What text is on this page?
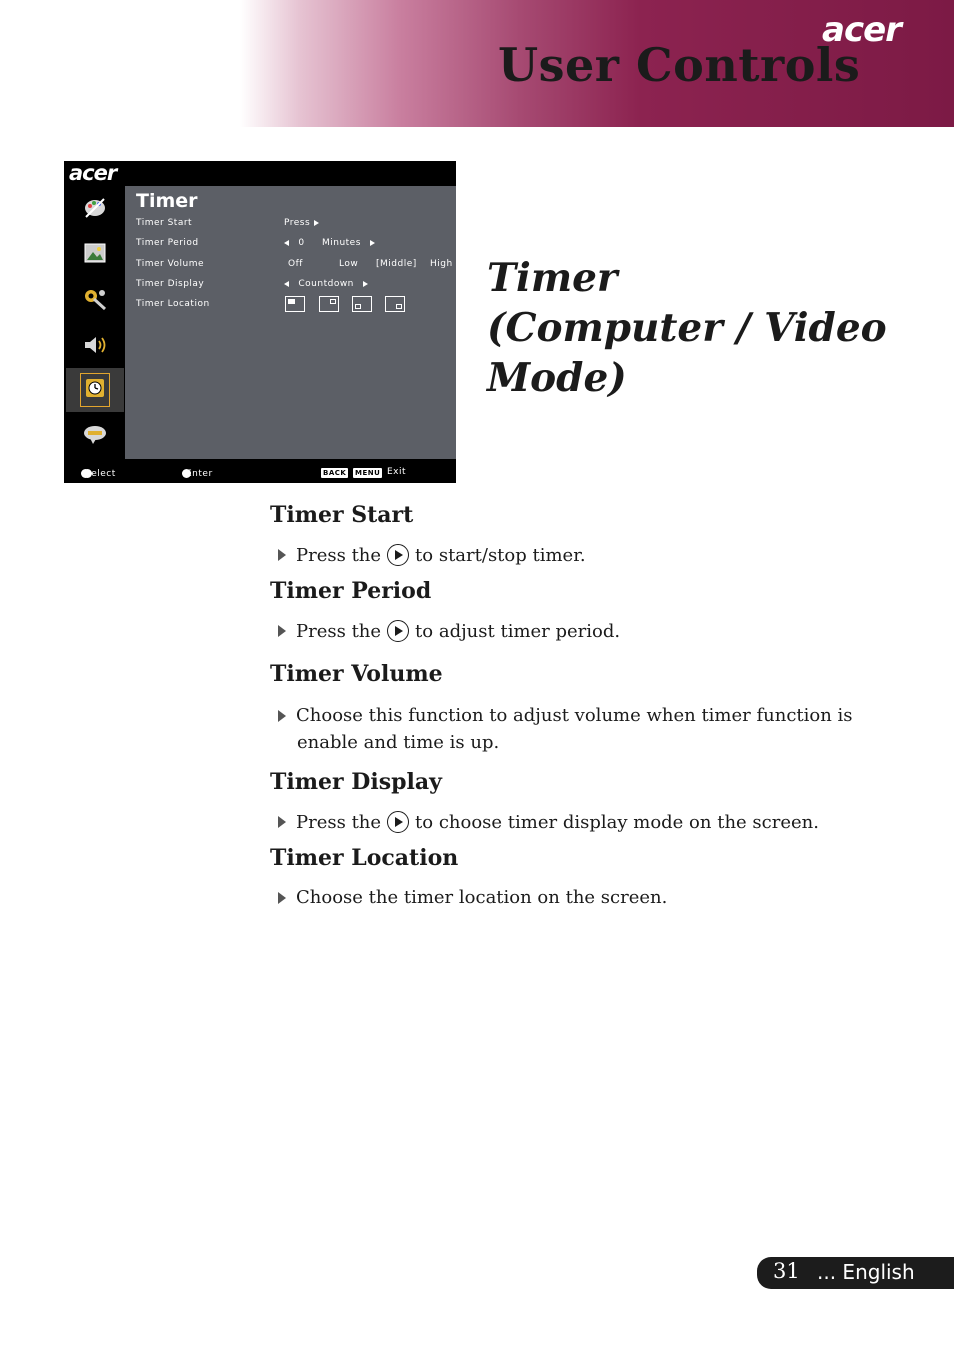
acer
User Controls
acer
Timer
Timer Start	Press
Timer Period	0 Minutes
Timer Volume	Off	Low [Middle] High
Timer Display	Countdown
Timer Location
Select	Enter	BACK MENU Exit
Timer
(Computer / Video
Mode)
Timer Start
Press the to start/stop timer.
Timer Period
Press the to adjust timer period.
Timer Volume
Choose this function to adjust volume when timer function is
enable and time is up.
Timer Display
Press the to choose timer display mode on the screen.
Timer Location
Choose the timer location on the screen.
31 ... English
